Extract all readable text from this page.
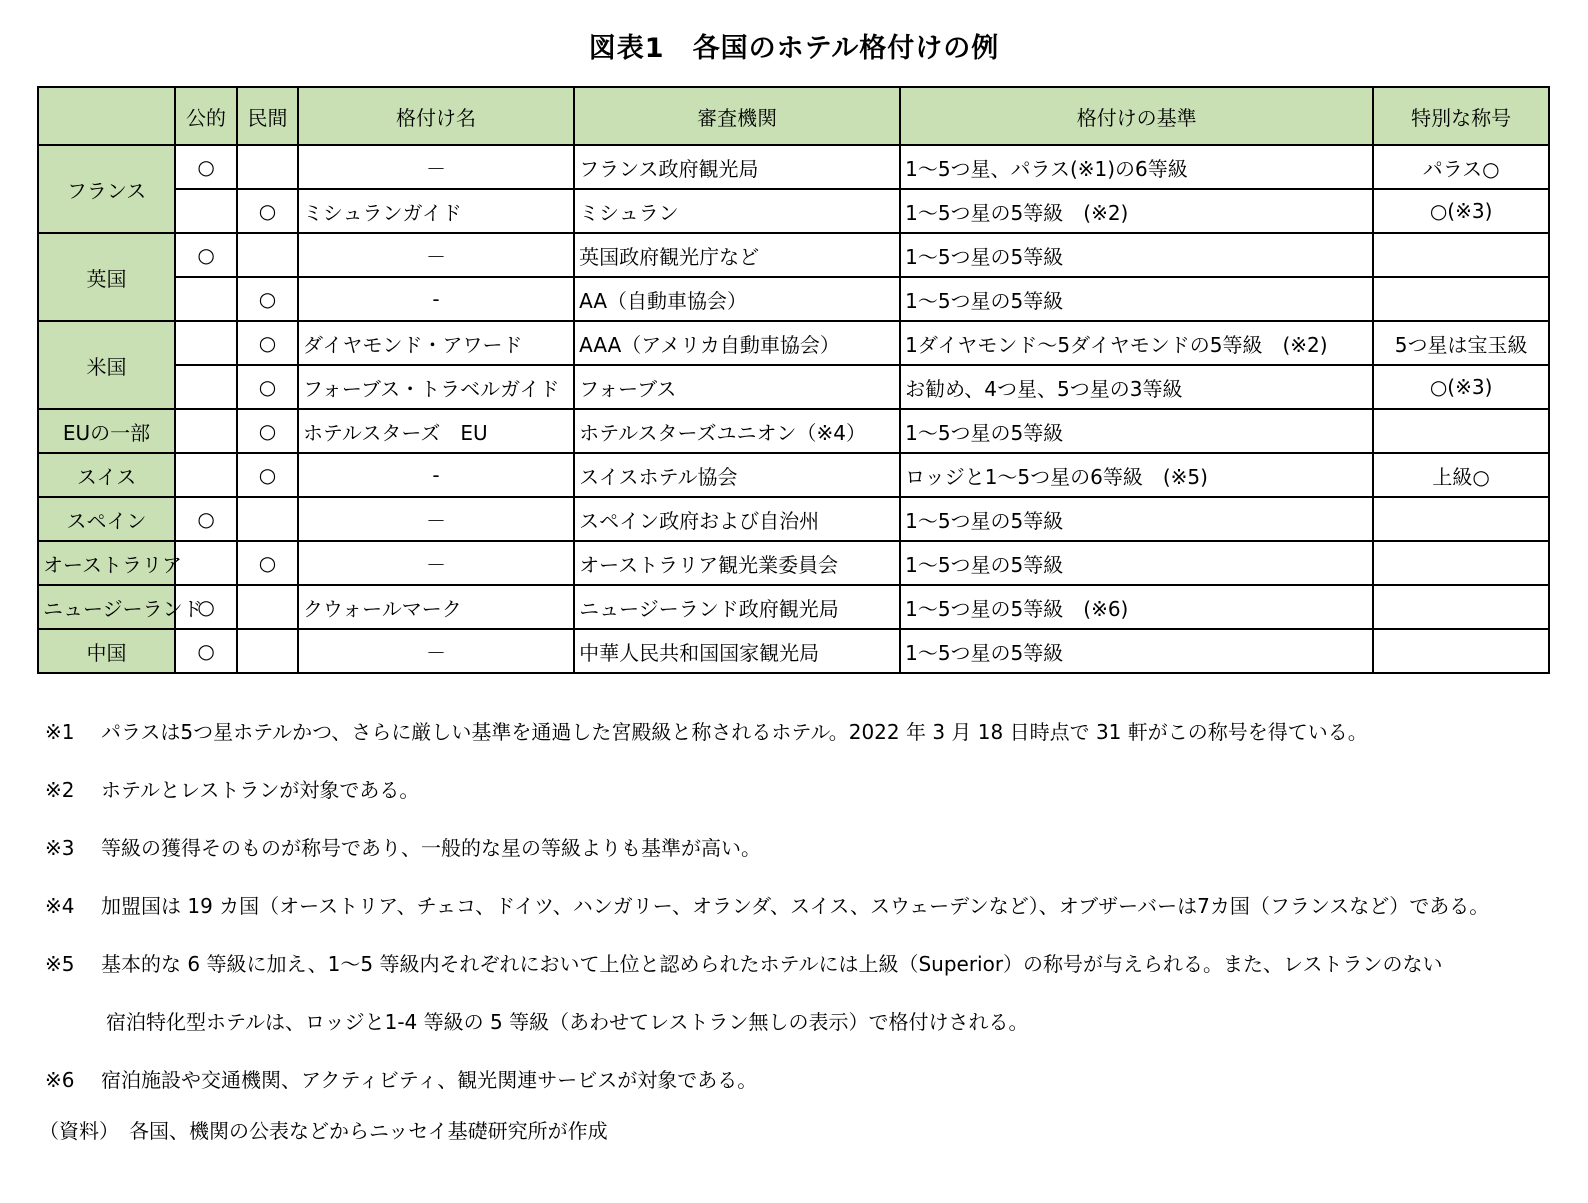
図表1　各国のホテル格付けの例
	公的	民間	格付け名	審査機関	格付けの基準	特別な称号
フランス	○		－	フランス政府観光局	1～5つ星、パラス(※1)の6等級	パラス○
		○	ミシュランガイド	ミシュラン	1～5つ星の5等級　(※2)	○(※3)
英国	○		－	英国政府観光庁など	1～5つ星の5等級	
		○	-	AA（自動車協会）	1～5つ星の5等級	
米国		○	ダイヤモンド・アワード	AAA（アメリカ自動車協会）	1ダイヤモンド～5ダイヤモンドの5等級　(※2)	5つ星は宝玉級
		○	フォーブス・トラベルガイド	フォーブス	お勧め、4つ星、5つ星の3等級	○(※3)
EUの一部		○	ホテルスターズ　EU	ホテルスターズユニオン（※4）	1～5つ星の5等級	
スイス		○	-	スイスホテル協会	ロッジと1～5つ星の6等級　(※5)	上級○
スペイン	○		－	スペイン政府および自治州	1～5つ星の5等級	
オーストラリア		○	－	オーストラリア観光業委員会	1～5つ星の5等級	
ニュージーランド	○		クウォールマーク	ニュージーランド政府観光局	1～5つ星の5等級　(※6)	
中国	○		－	中華人民共和国国家観光局	1～5つ星の5等級	
※1	パラスは5つ星ホテルかつ、さらに厳しい基準を通過した宮殿級と称されるホテル。2022 年 3 月 18 日時点で 31 軒がこの称号を得ている。
※2	ホテルとレストランが対象である。
※3	等級の獲得そのものが称号であり、一般的な星の等級よりも基準が高い。
※4	加盟国は 19 カ国（オーストリア、チェコ、ドイツ、ハンガリー、オランダ、スイス、スウェーデンなど）、オブザーバーは7カ国（フランスなど）である。
※5	基本的な 6 等級に加え、1～5 等級内それぞれにおいて上位と認められたホテルには上級（Superior）の称号が与えられる。また、レストランのない
宿泊特化型ホテルは、ロッジと1-4 等級の 5 等級（あわせてレストラン無しの表示）で格付けされる。
※6	宿泊施設や交通機関、アクティビティ、観光関連サービスが対象である。
（資料）　各国、機関の公表などからニッセイ基礎研究所が作成
